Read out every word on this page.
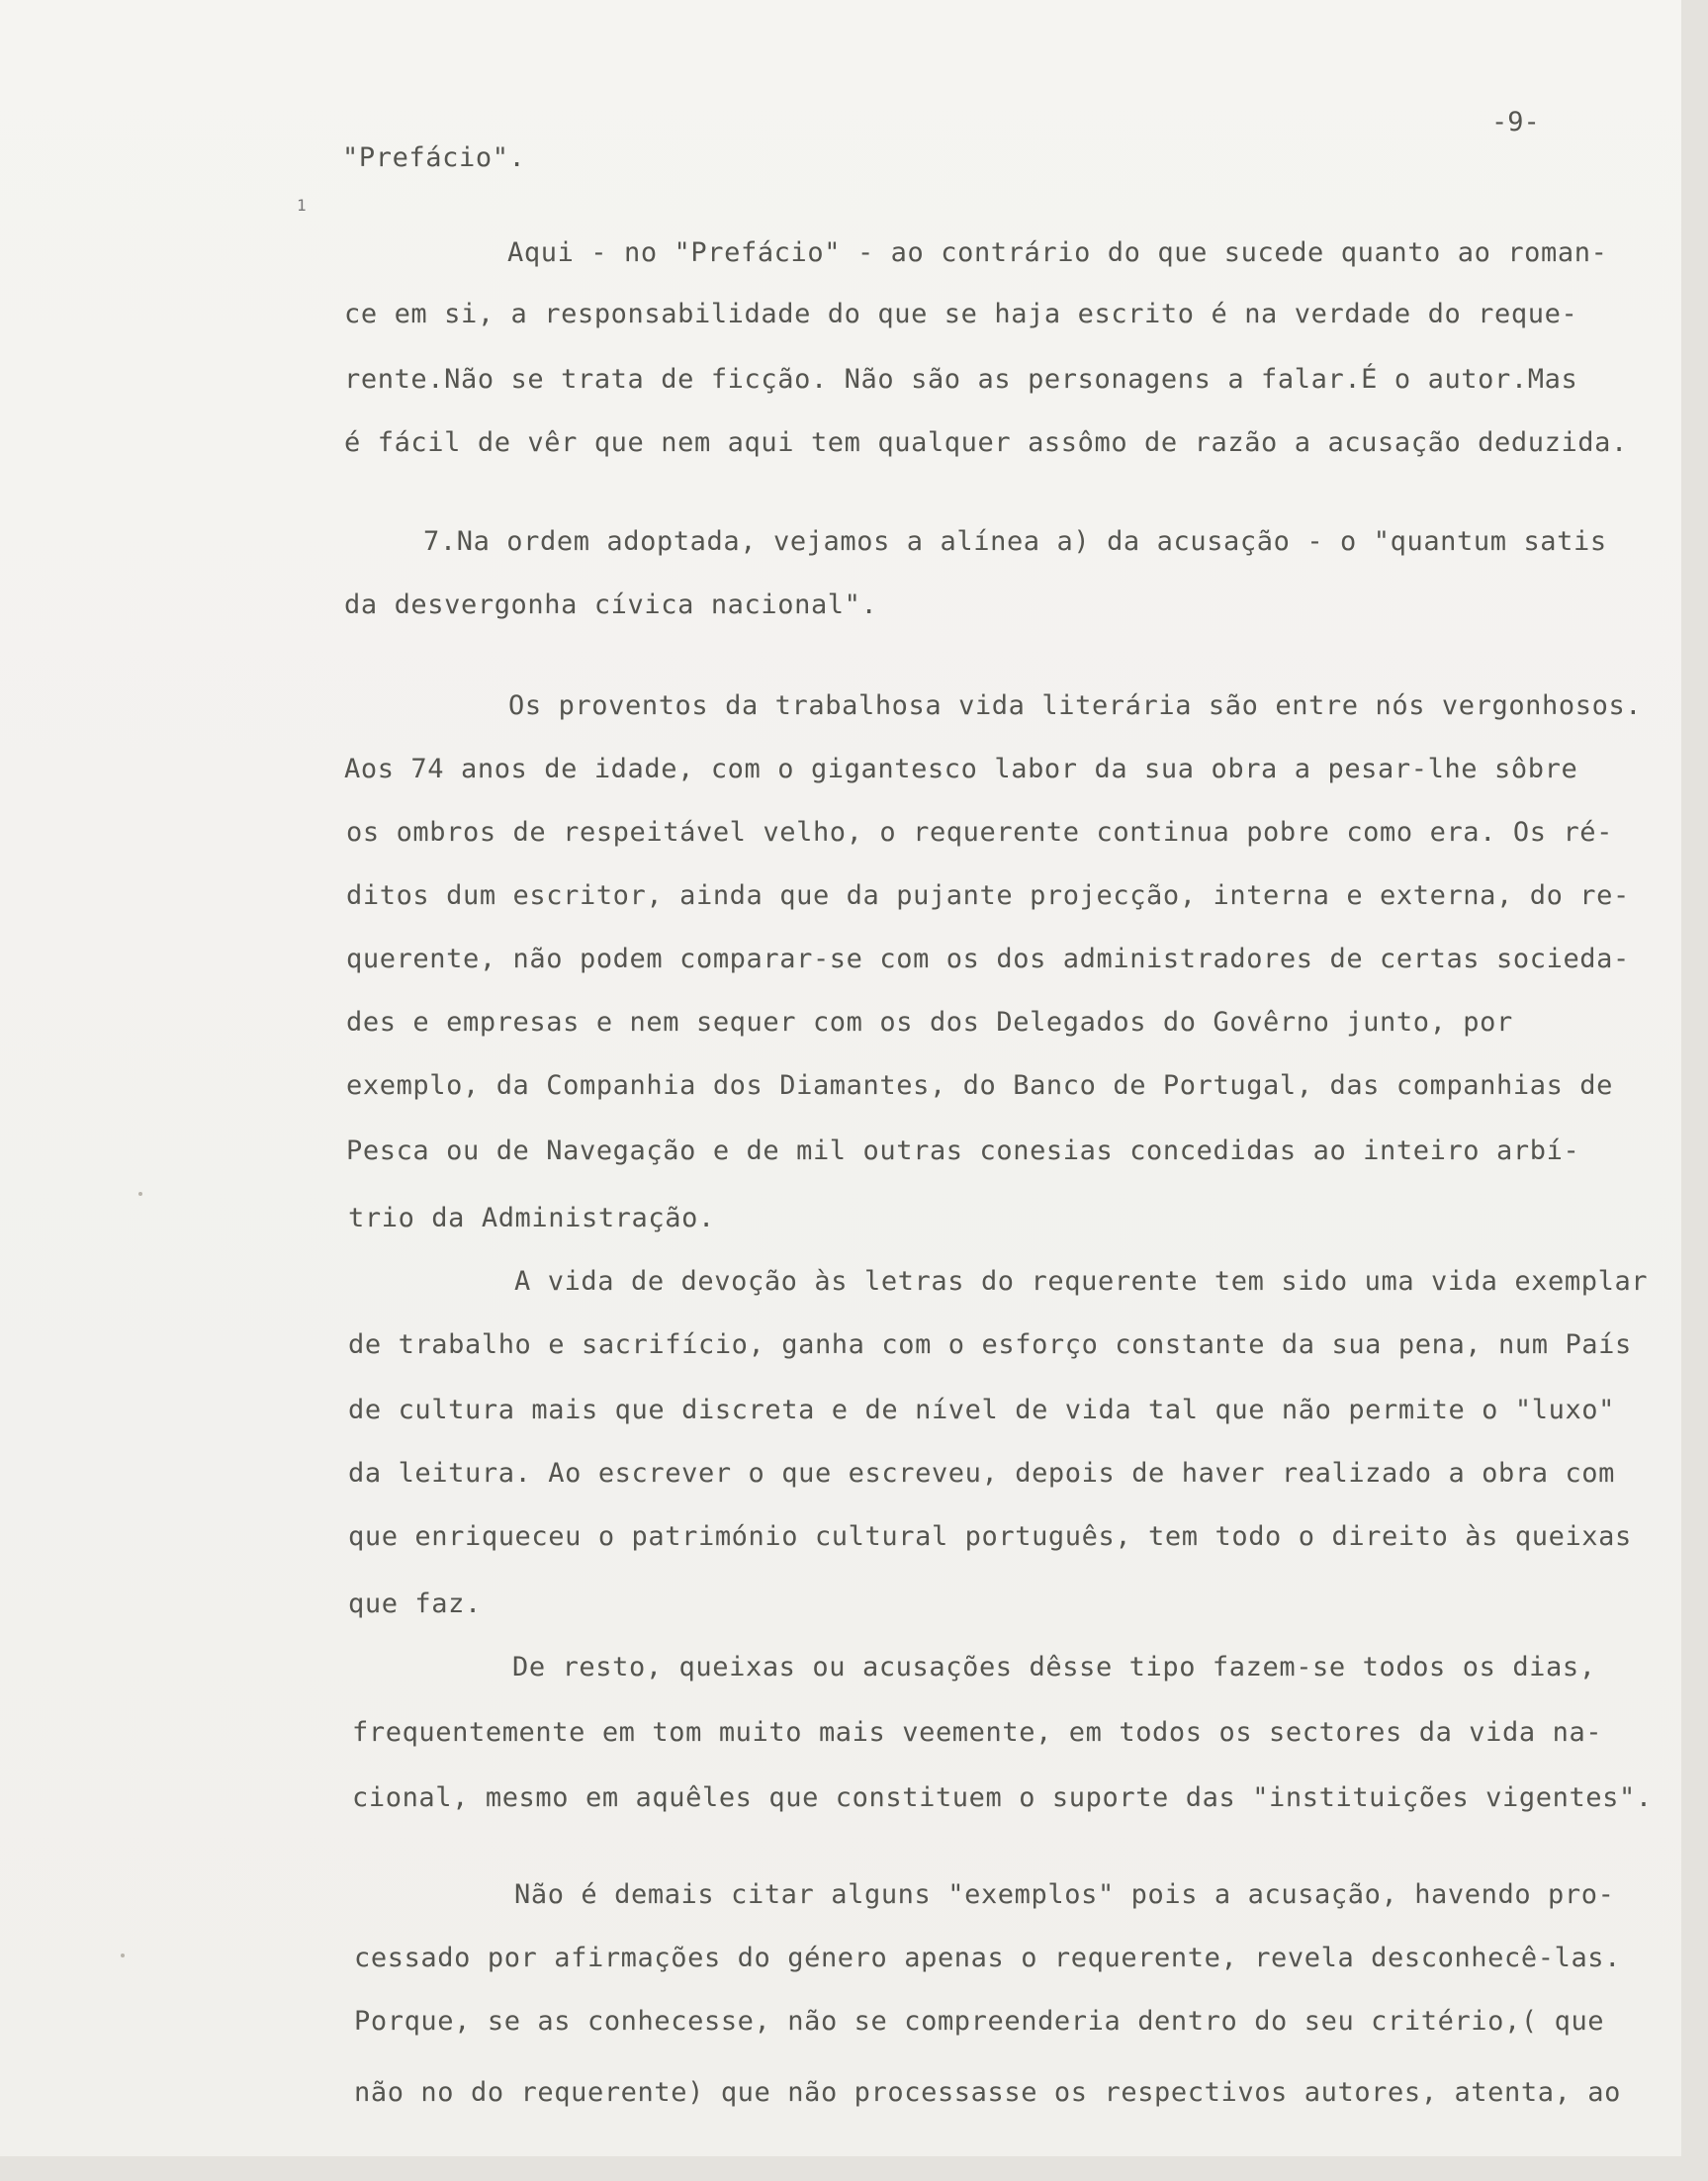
-9-
1
"Prefácio".
Aqui - no "Prefácio" - ao contrário do que sucede quanto ao roman-
ce em si, a responsabilidade do que se haja escrito é na verdade do reque-
rente.Não se trata de ficção. Não são as personagens a falar.É o autor.Mas
é fácil de vêr que nem aqui tem qualquer assômo de razão a acusação deduzida.
7.Na ordem adoptada, vejamos a alínea a) da acusação - o "quantum satis
da desvergonha cívica nacional".
Os proventos da trabalhosa vida literária são entre nós vergonhosos.
Aos 74 anos de idade, com o gigantesco labor da sua obra a pesar-lhe sôbre
os ombros de respeitável velho, o requerente continua pobre como era. Os ré-
ditos dum escritor, ainda que da pujante projecção, interna e externa, do re-
querente, não podem comparar-se com os dos administradores de certas socieda-
des e empresas e nem sequer com os dos Delegados do Govêrno junto, por
exemplo, da Companhia dos Diamantes, do Banco de Portugal, das companhias de
Pesca ou de Navegação e de mil outras conesias concedidas ao inteiro arbí-
trio da Administração.
A vida de devoção às letras do requerente tem sido uma vida exemplar
de trabalho e sacrifício, ganha com o esforço constante da sua pena, num País
de cultura mais que discreta e de nível de vida tal que não permite o "luxo"
da leitura. Ao escrever o que escreveu, depois de haver realizado a obra com
que enriqueceu o património cultural português, tem todo o direito às queixas
que faz.
De resto, queixas ou acusações dêsse tipo fazem-se todos os dias,
frequentemente em tom muito mais veemente, em todos os sectores da vida na-
cional, mesmo em aquêles que constituem o suporte das "instituições vigentes".
Não é demais citar alguns "exemplos" pois a acusação, havendo pro-
cessado por afirmações do género apenas o requerente, revela desconhecê-las.
Porque, se as conhecesse, não se compreenderia dentro do seu critério,( que
não no do requerente) que não processasse os respectivos autores, atenta, ao
